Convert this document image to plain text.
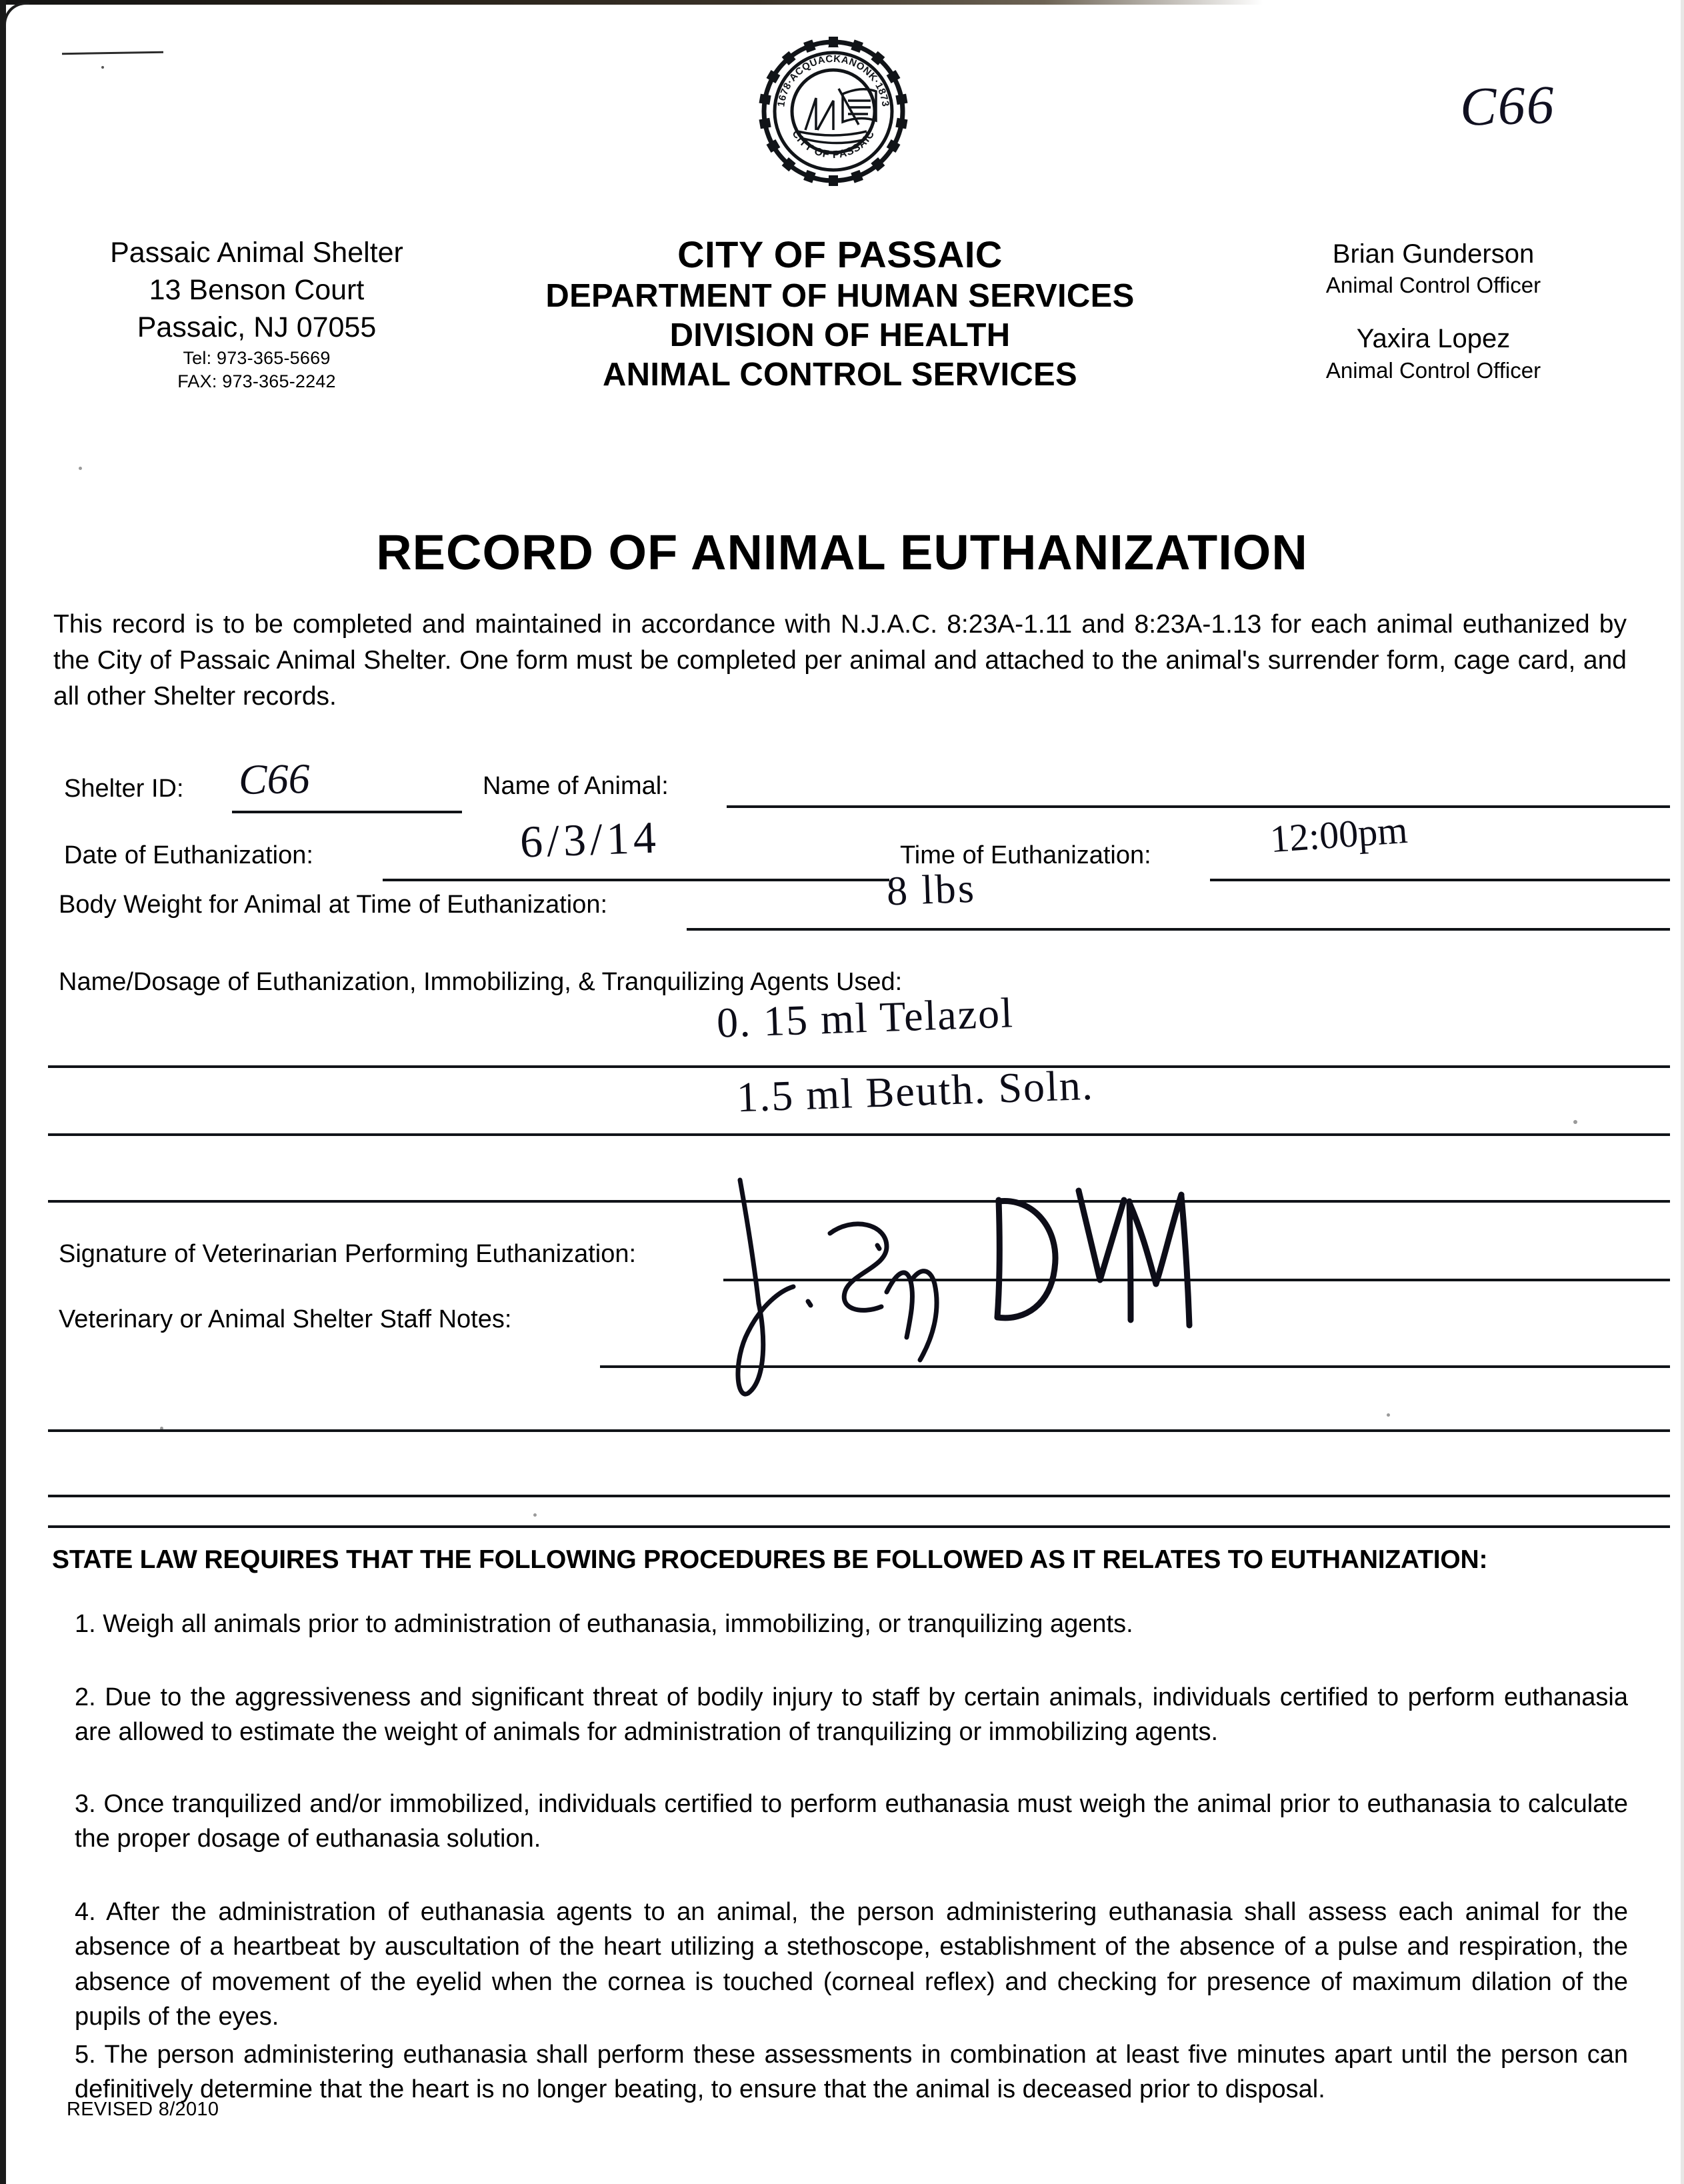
1678·ACQUACKANONK·1873
CITY OF PASSAIC	C66
Passaic Animal Shelter
13 Benson Court
Passaic, NJ 07055
Tel: 973-365-5669
FAX: 973-365-2242
CITY OF PASSAIC
DEPARTMENT OF HUMAN SERVICES
DIVISION OF HEALTH
ANIMAL CONTROL SERVICES
Brian Gunderson
Animal Control Officer
Yaxira Lopez
Animal Control Officer
RECORD OF ANIMAL EUTHANIZATION

This record is to be completed and maintained in accordance with N.J.A.C. 8:23A-1.11 and 8:23A-1.13 for each animal euthanized by the City of Passaic Animal Shelter. One form must be completed per animal and attached to the animal's surrender form, cage card, and all other Shelter records.

Shelter ID: C66	Name of Animal:
Date of Euthanization:	6/3/14	Time of Euthanization:	12:00pm
Body Weight for Animal at Time of Euthanization:	8 lbs
Name/Dosage of Euthanization, Immobilizing, & Tranquilizing Agents Used:
0. 15 ml Telazol
1.5 ml Beuth. Soln.
Signature of Veterinarian Performing Euthanization:
Veterinary or Animal Shelter Staff Notes:
STATE LAW REQUIRES THAT THE FOLLOWING PROCEDURES BE FOLLOWED AS IT RELATES TO EUTHANIZATION:

1. Weigh all animals prior to administration of euthanasia, immobilizing, or tranquilizing agents.

2. Due to the aggressiveness and significant threat of bodily injury to staff by certain animals, individuals certified to perform euthanasia are allowed to estimate the weight of animals for administration of tranquilizing or immobilizing agents.

3. Once tranquilized and/or immobilized, individuals certified to perform euthanasia must weigh the animal prior to euthanasia to calculate the proper dosage of euthanasia solution.

4. After the administration of euthanasia agents to an animal, the person administering euthanasia shall assess each animal for the absence of a heartbeat by auscultation of the heart utilizing a stethoscope, establishment of the absence of a pulse and respiration, the absence of movement of the eyelid when the cornea is touched (corneal reflex) and checking for presence of maximum dilation of the pupils of the eyes.

5. The person administering euthanasia shall perform these assessments in combination at least five minutes apart until the person can definitively determine that the heart is no longer beating, to ensure that the animal is deceased prior to disposal.

REVISED 8/2010
